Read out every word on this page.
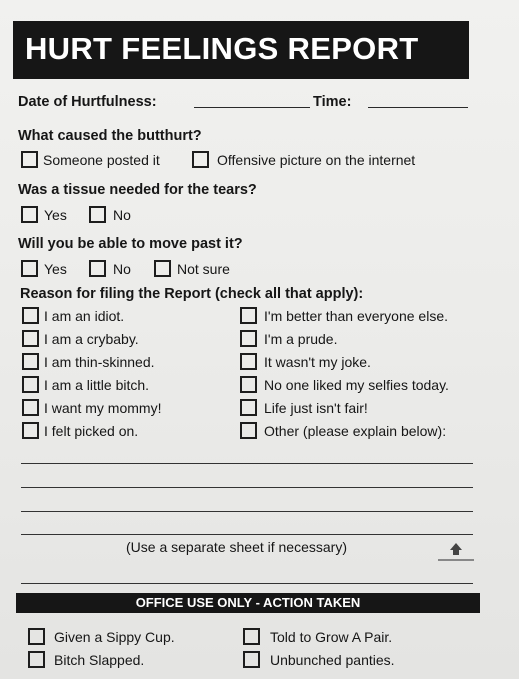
HURT FEELINGS REPORT
Date of Hurtfulness:	Time:
What caused the butthurt?
Someone posted it	Offensive picture on the internet
Was a tissue needed for the tears?
Yes	No
Will you be able to move past it?
Yes	No	Not sure
Reason for filing the Report (check all that apply):
I am an idiot.
I am a crybaby.
I am thin-skinned.
I am a little bitch.
I want my mommy!
I felt picked on.
I'm better than everyone else.
I'm a prude.
It wasn't my joke.
No one liked my selfies today.
Life just isn't fair!
Other (please explain below):
(Use a separate sheet if necessary)
OFFICE USE ONLY - ACTION TAKEN
Given a Sippy Cup.
Bitch Slapped.
Told to Grow A Pair.
Unbunched panties.
